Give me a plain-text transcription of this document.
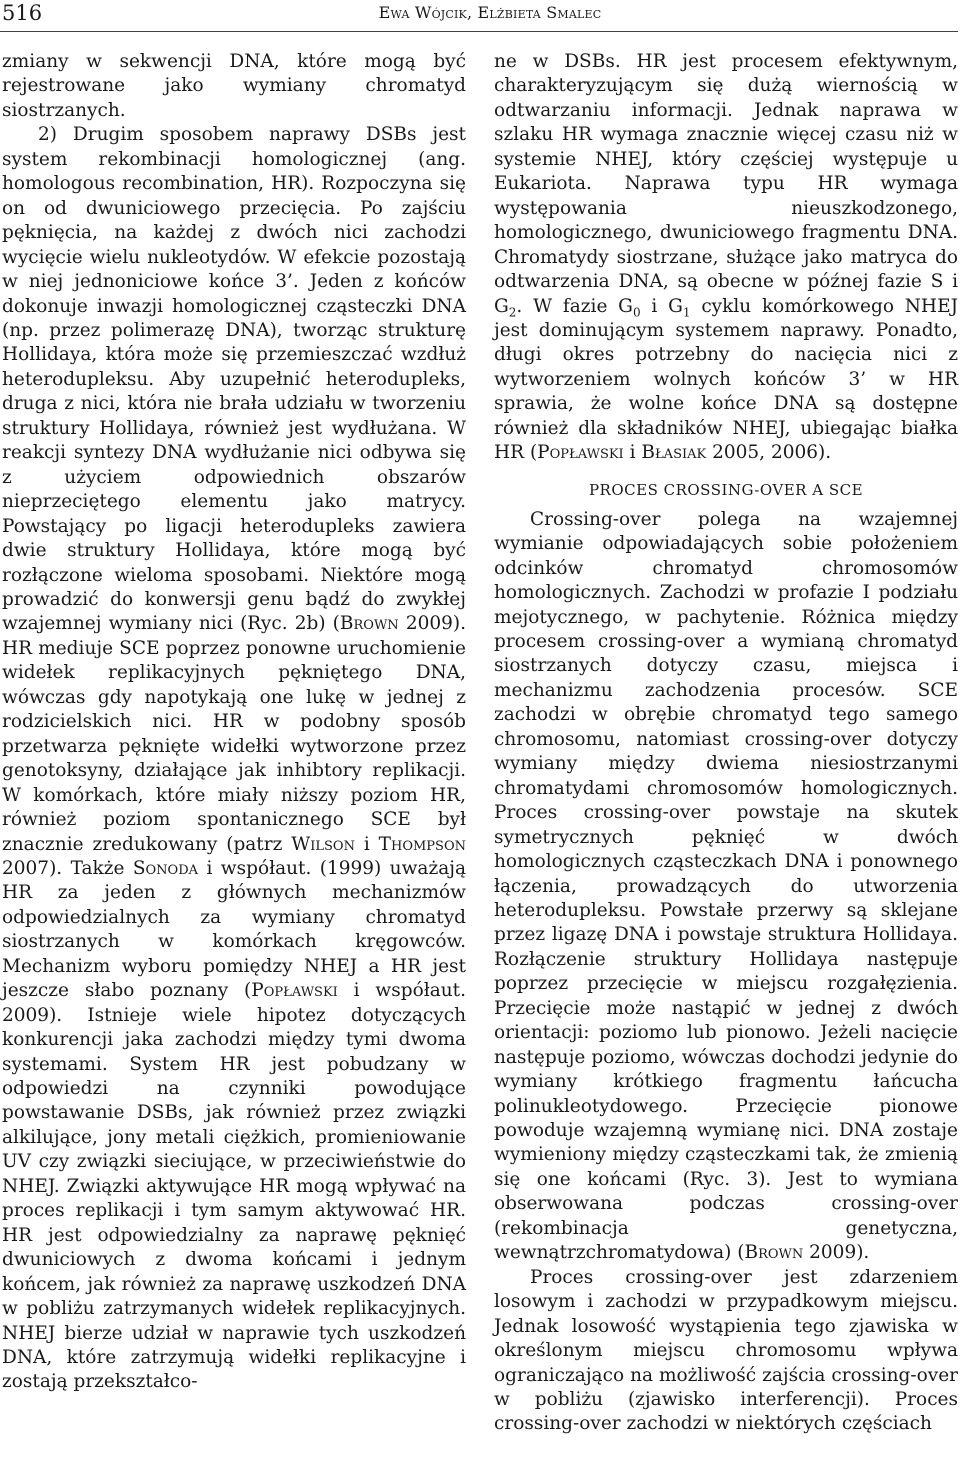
516	Ewa Wójcik, Elżbieta Smalec

zmiany w sekwencji DNA, które mogą być rejestrowane jako wymiany chromatyd siostrzanych.

2) Drugim sposobem naprawy DSBs jest system rekombinacji homologicznej (ang. homologous recombination, HR). Rozpoczyna się on od dwuniciowego przecięcia. Po zajściu pęknięcia, na każdej z dwóch nici zachodzi wycięcie wielu nukleotydów. W efekcie pozostają w niej jednoniciowe końce 3’. Jeden z końców dokonuje inwazji homologicznej cząsteczki DNA (np. przez polimerazę DNA), tworząc strukturę Hollidaya, która może się przemieszczać wzdłuż heterodupleksu. Aby uzupełnić heterodupleks, druga z nici, która nie brała udziału w tworzeniu struktury Hollidaya, również jest wydłużana. W reakcji syntezy DNA wydłużanie nici odbywa się z użyciem odpowiednich obszarów nieprzeciętego elementu jako matrycy. Powstający po ligacji heterodupleks zawiera dwie struktury Hollidaya, które mogą być rozłączone wieloma sposobami. Niektóre mogą prowadzić do konwersji genu bądź do zwykłej wzajemnej wymiany nici (Ryc. 2b) (Brown 2009). HR mediuje SCE poprzez ponowne uruchomienie widełek replikacyjnych pękniętego DNA, wówczas gdy napotykają one lukę w jednej z rodzicielskich nici. HR w podobny sposób przetwarza pęknięte widełki wytworzone przez genotoksyny, działające jak inhibtory replikacji. W komórkach, które miały niższy poziom HR, również poziom spontanicznego SCE był znacznie zredukowany (patrz Wilson i Thompson 2007). Także Sonoda i współaut. (1999) uważają HR za jeden z głównych mechanizmów odpowiedzialnych za wymiany chromatyd siostrzanych w komórkach kręgowców. Mechanizm wyboru pomiędzy NHEJ a HR jest jeszcze słabo poznany (Popławski i współaut. 2009). Istnieje wiele hipotez dotyczących konkurencji jaka zachodzi między tymi dwoma systemami. System HR jest pobudzany w odpowiedzi na czynniki powodujące powstawanie DSBs, jak również przez związki alkilujące, jony metali ciężkich, promieniowanie UV czy związki sieciujące, w przeciwieństwie do NHEJ. Związki aktywujące HR mogą wpływać na proces replikacji i tym samym aktywować HR. HR jest odpowiedzialny za naprawę pęknięć dwuniciowych z dwoma końcami i jednym końcem, jak również za naprawę uszkodzeń DNA w pobliżu zatrzymanych widełek replikacyjnych. NHEJ bierze udział w naprawie tych uszkodzeń DNA, które zatrzymują widełki replikacyjne i zostają przekształco-

ne w DSBs. HR jest procesem efektywnym, charakteryzującym się dużą wiernością w odtwarzaniu informacji. Jednak naprawa w szlaku HR wymaga znacznie więcej czasu niż w systemie NHEJ, który częściej występuje u Eukariota. Naprawa typu HR wymaga występowania nieuszkodzonego, homologicznego, dwuniciowego fragmentu DNA. Chromatydy siostrzane, służące jako matryca do odtwarzenia DNA, są obecne w późnej fazie S i $G_2$. W fazie $G_0$ i $G_1$ cyklu komórkowego NHEJ jest dominującym systemem naprawy. Ponadto, długi okres potrzebny do nacięcia nici z wytworzeniem wolnych końców 3’ w HR sprawia, że wolne końce DNA są dostępne również dla składników NHEJ, ubiegając białka HR (Popławski i Błasiak 2005, 2006).

PROCES CROSSING-OVER A SCE

Crossing-over polega na wzajemnej wymianie odpowiadających sobie położeniem odcinków chromatyd chromosomów homologicznych. Zachodzi w profazie I podziału mejotycznego, w pachytenie. Różnica między procesem crossing-over a wymianą chromatyd siostrzanych dotyczy czasu, miejsca i mechanizmu zachodzenia procesów. SCE zachodzi w obrębie chromatyd tego samego chromosomu, natomiast crossing-over dotyczy wymiany między dwiema niesiostrzanymi chromatydami chromosomów homologicznych. Proces crossing-over powstaje na skutek symetrycznych pęknięć w dwóch homologicznych cząsteczkach DNA i ponownego łączenia, prowadzących do utworzenia heterodupleksu. Powstałe przerwy są sklejane przez ligazę DNA i powstaje struktura Hollidaya. Rozłączenie struktury Hollidaya następuje poprzez przecięcie w miejscu rozgałęzienia. Przecięcie może nastąpić w jednej z dwóch orientacji: poziomo lub pionowo. Jeżeli nacięcie następuje poziomo, wówczas dochodzi jedynie do wymiany krótkiego fragmentu łańcucha polinukleotydowego. Przecięcie pionowe powoduje wzajemną wymianę nici. DNA zostaje wymieniony między cząsteczkami tak, że zmienią się one końcami (Ryc. 3). Jest to wymiana obserwowana podczas crossing-over (rekombinacja genetyczna, wewnątrzchromatydowa) (Brown 2009).

Proces crossing-over jest zdarzeniem losowym i zachodzi w przypadkowym miejscu. Jednak losowość wystąpienia tego zjawiska w określonym miejscu chromosomu wpływa ograniczająco na możliwość zajścia crossing-over w pobliżu (zjawisko interferencji). Proces crossing-over zachodzi w niektórych częściach
